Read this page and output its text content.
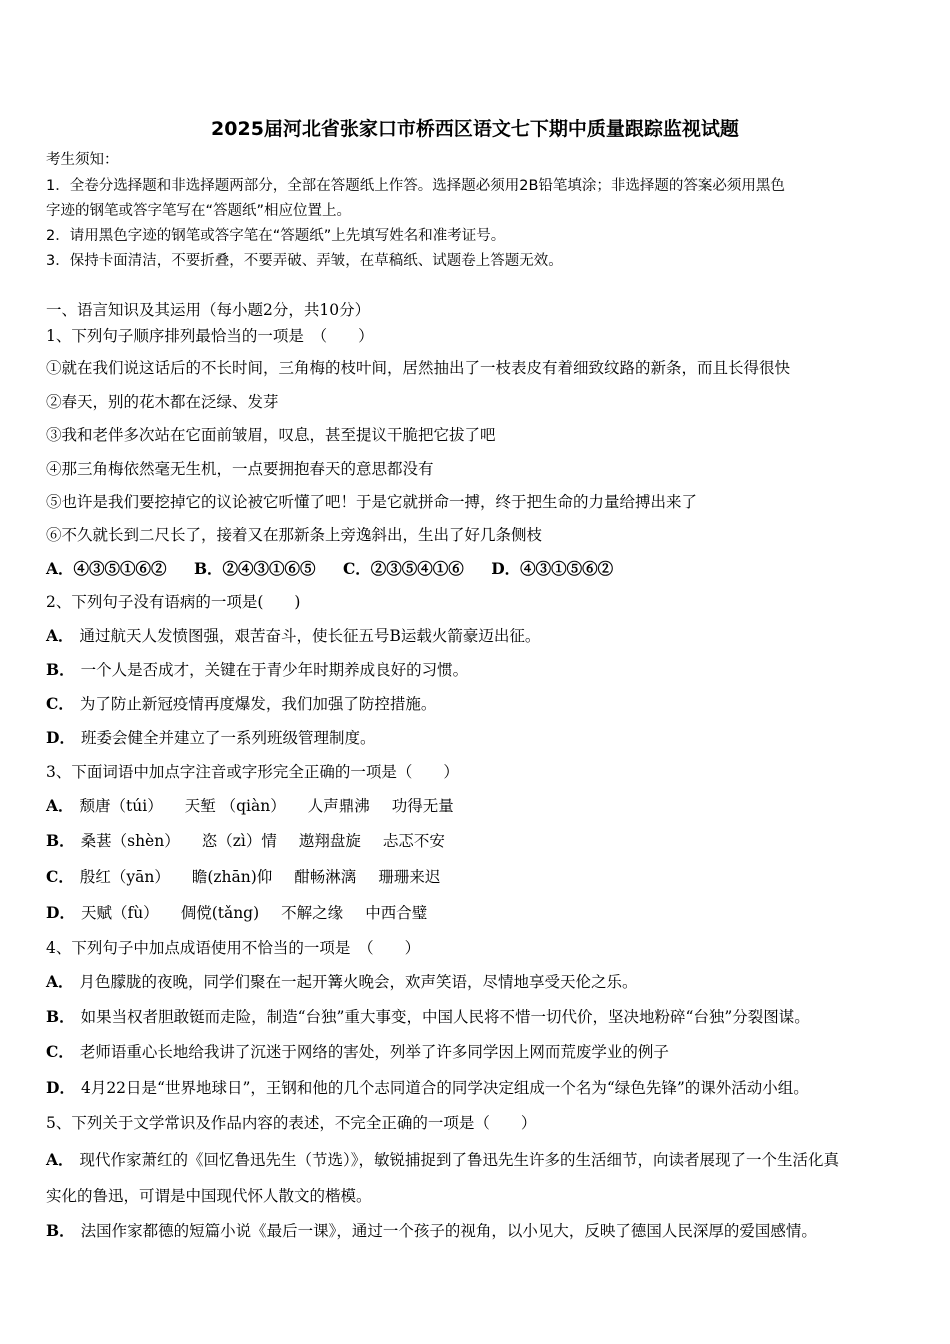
2025届河北省张家口市桥西区语文七下期中质量跟踪监视试题
考生须知：
1．全卷分选择题和非选择题两部分，全部在答题纸上作答。选择题必须用2B铅笔填涂；非选择题的答案必须用黑色
字迹的钢笔或答字笔写在“答题纸”相应位置上。
2．请用黑色字迹的钢笔或答字笔在“答题纸”上先填写姓名和准考证号。
3．保持卡面清洁，不要折叠，不要弄破、弄皱，在草稿纸、试题卷上答题无效。
一、语言知识及其运用（每小题2分，共10分）
1、下列句子顺序排列最恰当的一项是　（　　）
①就在我们说这话后的不长时间，三角梅的枝叶间，居然抽出了一枝表皮有着细致纹路的新条，而且长得很快
②春天，别的花木都在泛绿、发芽
③我和老伴多次站在它面前皱眉，叹息，甚至提议干脆把它拔了吧
④那三角梅依然毫无生机，一点要拥抱春天的意思都没有
⑤也许是我们要挖掉它的议论被它听懂了吧！于是它就拼命一搏，终于把生命的力量给搏出来了
⑥不久就长到二尺长了，接着又在那新条上旁逸斜出，生出了好几条侧枝
A．④③⑤①⑥② B．②④③①⑥⑤ C．②③⑤④①⑥ D．④③①⑤⑥②
2、下列句子没有语病的一项是(　　)
A． 通过航天人发愤图强，艰苦奋斗，使长征五号B运载火箭豪迈出征。
B． 一个人是否成才，关键在于青少年时期养成良好的习惯。
C． 为了防止新冠疫情再度爆发，我们加强了防控措施。
D． 班委会健全并建立了一系列班级管理制度。
3、下面词语中加点字注音或字形完全正确的一项是（　　）
A． 颓唐（túi） 天堑 （qiàn） 人声鼎沸 功得无量
B． 桑葚（shèn） 恣（zì）情 遨翔盘旋 忐忑不安
C． 殷红（yān） 瞻(zhān)仰 酣畅淋漓 珊珊来迟
D． 天赋（fù） 倜傥(tǎng) 不解之缘 中西合璧
4、下列句子中加点成语使用不恰当的一项是　（　　）
A． 月色朦胧的夜晚，同学们聚在一起开篝火晚会，欢声笑语，尽情地享受天伦之乐。
B． 如果当权者胆敢铤而走险，制造“台独”重大事变，中国人民将不惜一切代价，坚决地粉碎“台独”分裂图谋。
C． 老师语重心长地给我讲了沉迷于网络的害处，列举了许多同学因上网而荒废学业的例子
D． 4月22日是“世界地球日”，王钢和他的几个志同道合的同学决定组成一个名为“绿色先锋”的课外活动小组。
5、下列关于文学常识及作品内容的表述，不完全正确的一项是（　　）
A． 现代作家萧红的《回忆鲁迅先生（节选）》，敏锐捕捉到了鲁迅先生许多的生活细节，向读者展现了一个生活化真
实化的鲁迅，可谓是中国现代怀人散文的楷模。
B． 法国作家都德的短篇小说《最后一课》，通过一个孩子的视角，以小见大，反映了德国人民深厚的爱国感情。
